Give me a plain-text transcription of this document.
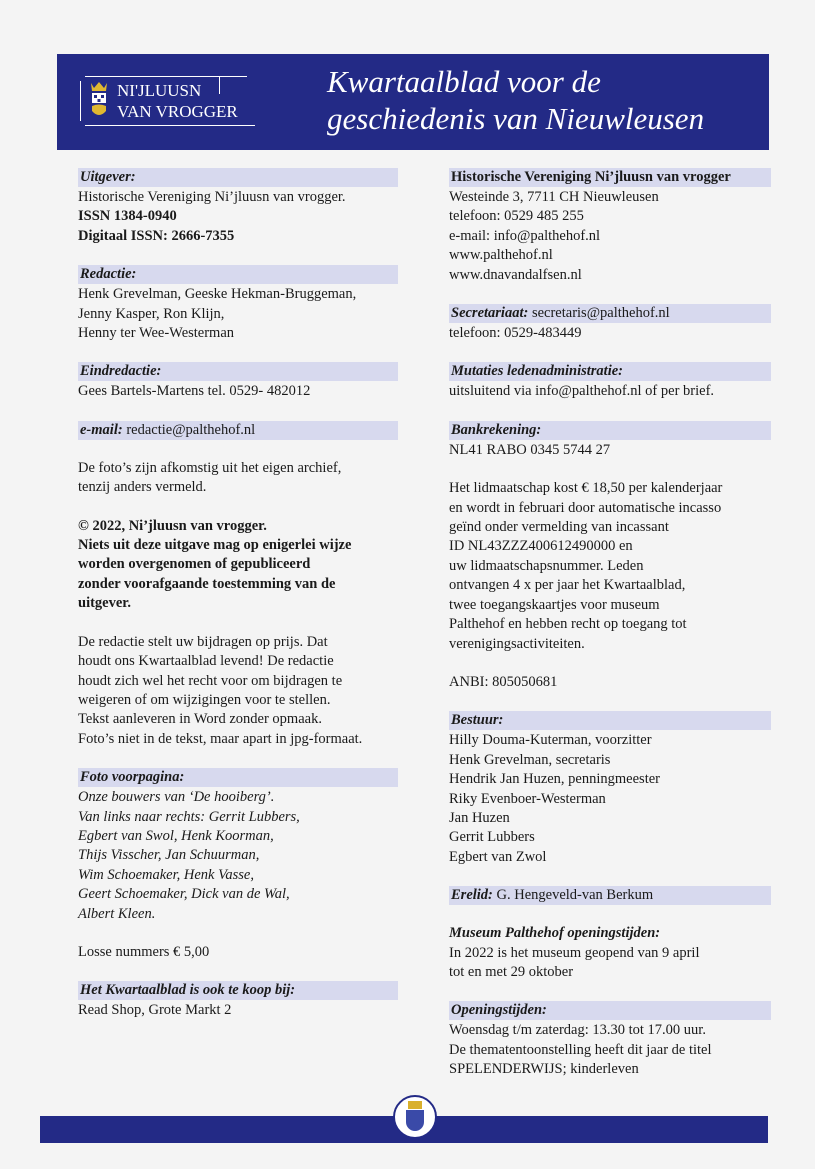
NI'JLUUSN
VAN VROGGER
Kwartaalblad voor de
geschiedenis van Nieuwleusen
Uitgever:

Historische Vereniging Ni’jluusn van vrogger.

ISSN 1384-0940

Digitaal ISSN: 2666-7355

Redactie:

Henk Grevelman, Geeske Hekman-Bruggeman,

Jenny Kasper, Ron Klijn,

Henny ter Wee-Westerman

Eindredactie:

Gees Bartels-Martens tel. 0529- 482012

e-mail: redactie@palthehof.nl

De foto’s zijn afkomstig uit het eigen archief,

tenzij anders vermeld.

© 2022, Ni’jluusn van vrogger.

Niets uit deze uitgave mag op enigerlei wijze

worden overgenomen of gepubliceerd

zonder voorafgaande toestemming van de

uitgever.

De redactie stelt uw bijdragen op prijs. Dat

houdt ons Kwartaalblad levend! De redactie

houdt zich wel het recht voor om bijdragen te

weigeren of om wijzigingen voor te stellen.

Tekst aanleveren in Word zonder opmaak.

Foto’s niet in de tekst, maar apart in jpg-formaat.

Foto voorpagina:

Onze bouwers van ‘De hooiberg’.

Van links naar rechts: Gerrit Lubbers,

Egbert van Swol, Henk Koorman,

Thijs Visscher, Jan Schuurman,

Wim Schoemaker, Henk Vasse,

Geert Schoemaker, Dick van de Wal,

Albert Kleen.

Losse nummers € 5,00

Het Kwartaalblad is ook te koop bij:

Read Shop, Grote Markt 2

Historische Vereniging Ni’jluusn van vrogger

Westeinde 3, 7711 CH Nieuwleusen

telefoon: 0529 485 255

e-mail: info@palthehof.nl

www.palthehof.nl

www.dnavandalfsen.nl

Secretariaat: secretaris@palthehof.nl

telefoon: 0529-483449

Mutaties ledenadministratie:

uitsluitend via info@palthehof.nl of per brief.

Bankrekening:

NL41 RABO 0345 5744 27

Het lidmaatschap kost € 18,50 per kalenderjaar

en wordt in februari door automatische incasso

geïnd onder vermelding van incassant

ID NL43ZZZ400612490000 en

uw lidmaatschapsnummer. Leden

ontvangen 4 x per jaar het Kwartaalblad,

twee toegangskaartjes voor museum

Palthehof en hebben recht op toegang tot

verenigingsactiviteiten.

ANBI: 805050681

Bestuur:

Hilly Douma-Kuterman, voorzitter

Henk Grevelman, secretaris

Hendrik Jan Huzen, penningmeester

Riky Evenboer-Westerman

Jan Huzen

Gerrit Lubbers

Egbert van Zwol

Erelid: G. Hengeveld-van Berkum

Museum Palthehof openingstijden:

In 2022 is het museum geopend van 9 april

tot en met 29 oktober

Openingstijden:

Woensdag t/m zaterdag: 13.30 tot 17.00 uur.

De thematentoonstelling heeft dit jaar de titel

SPELENDERWIJS; kinderleven
